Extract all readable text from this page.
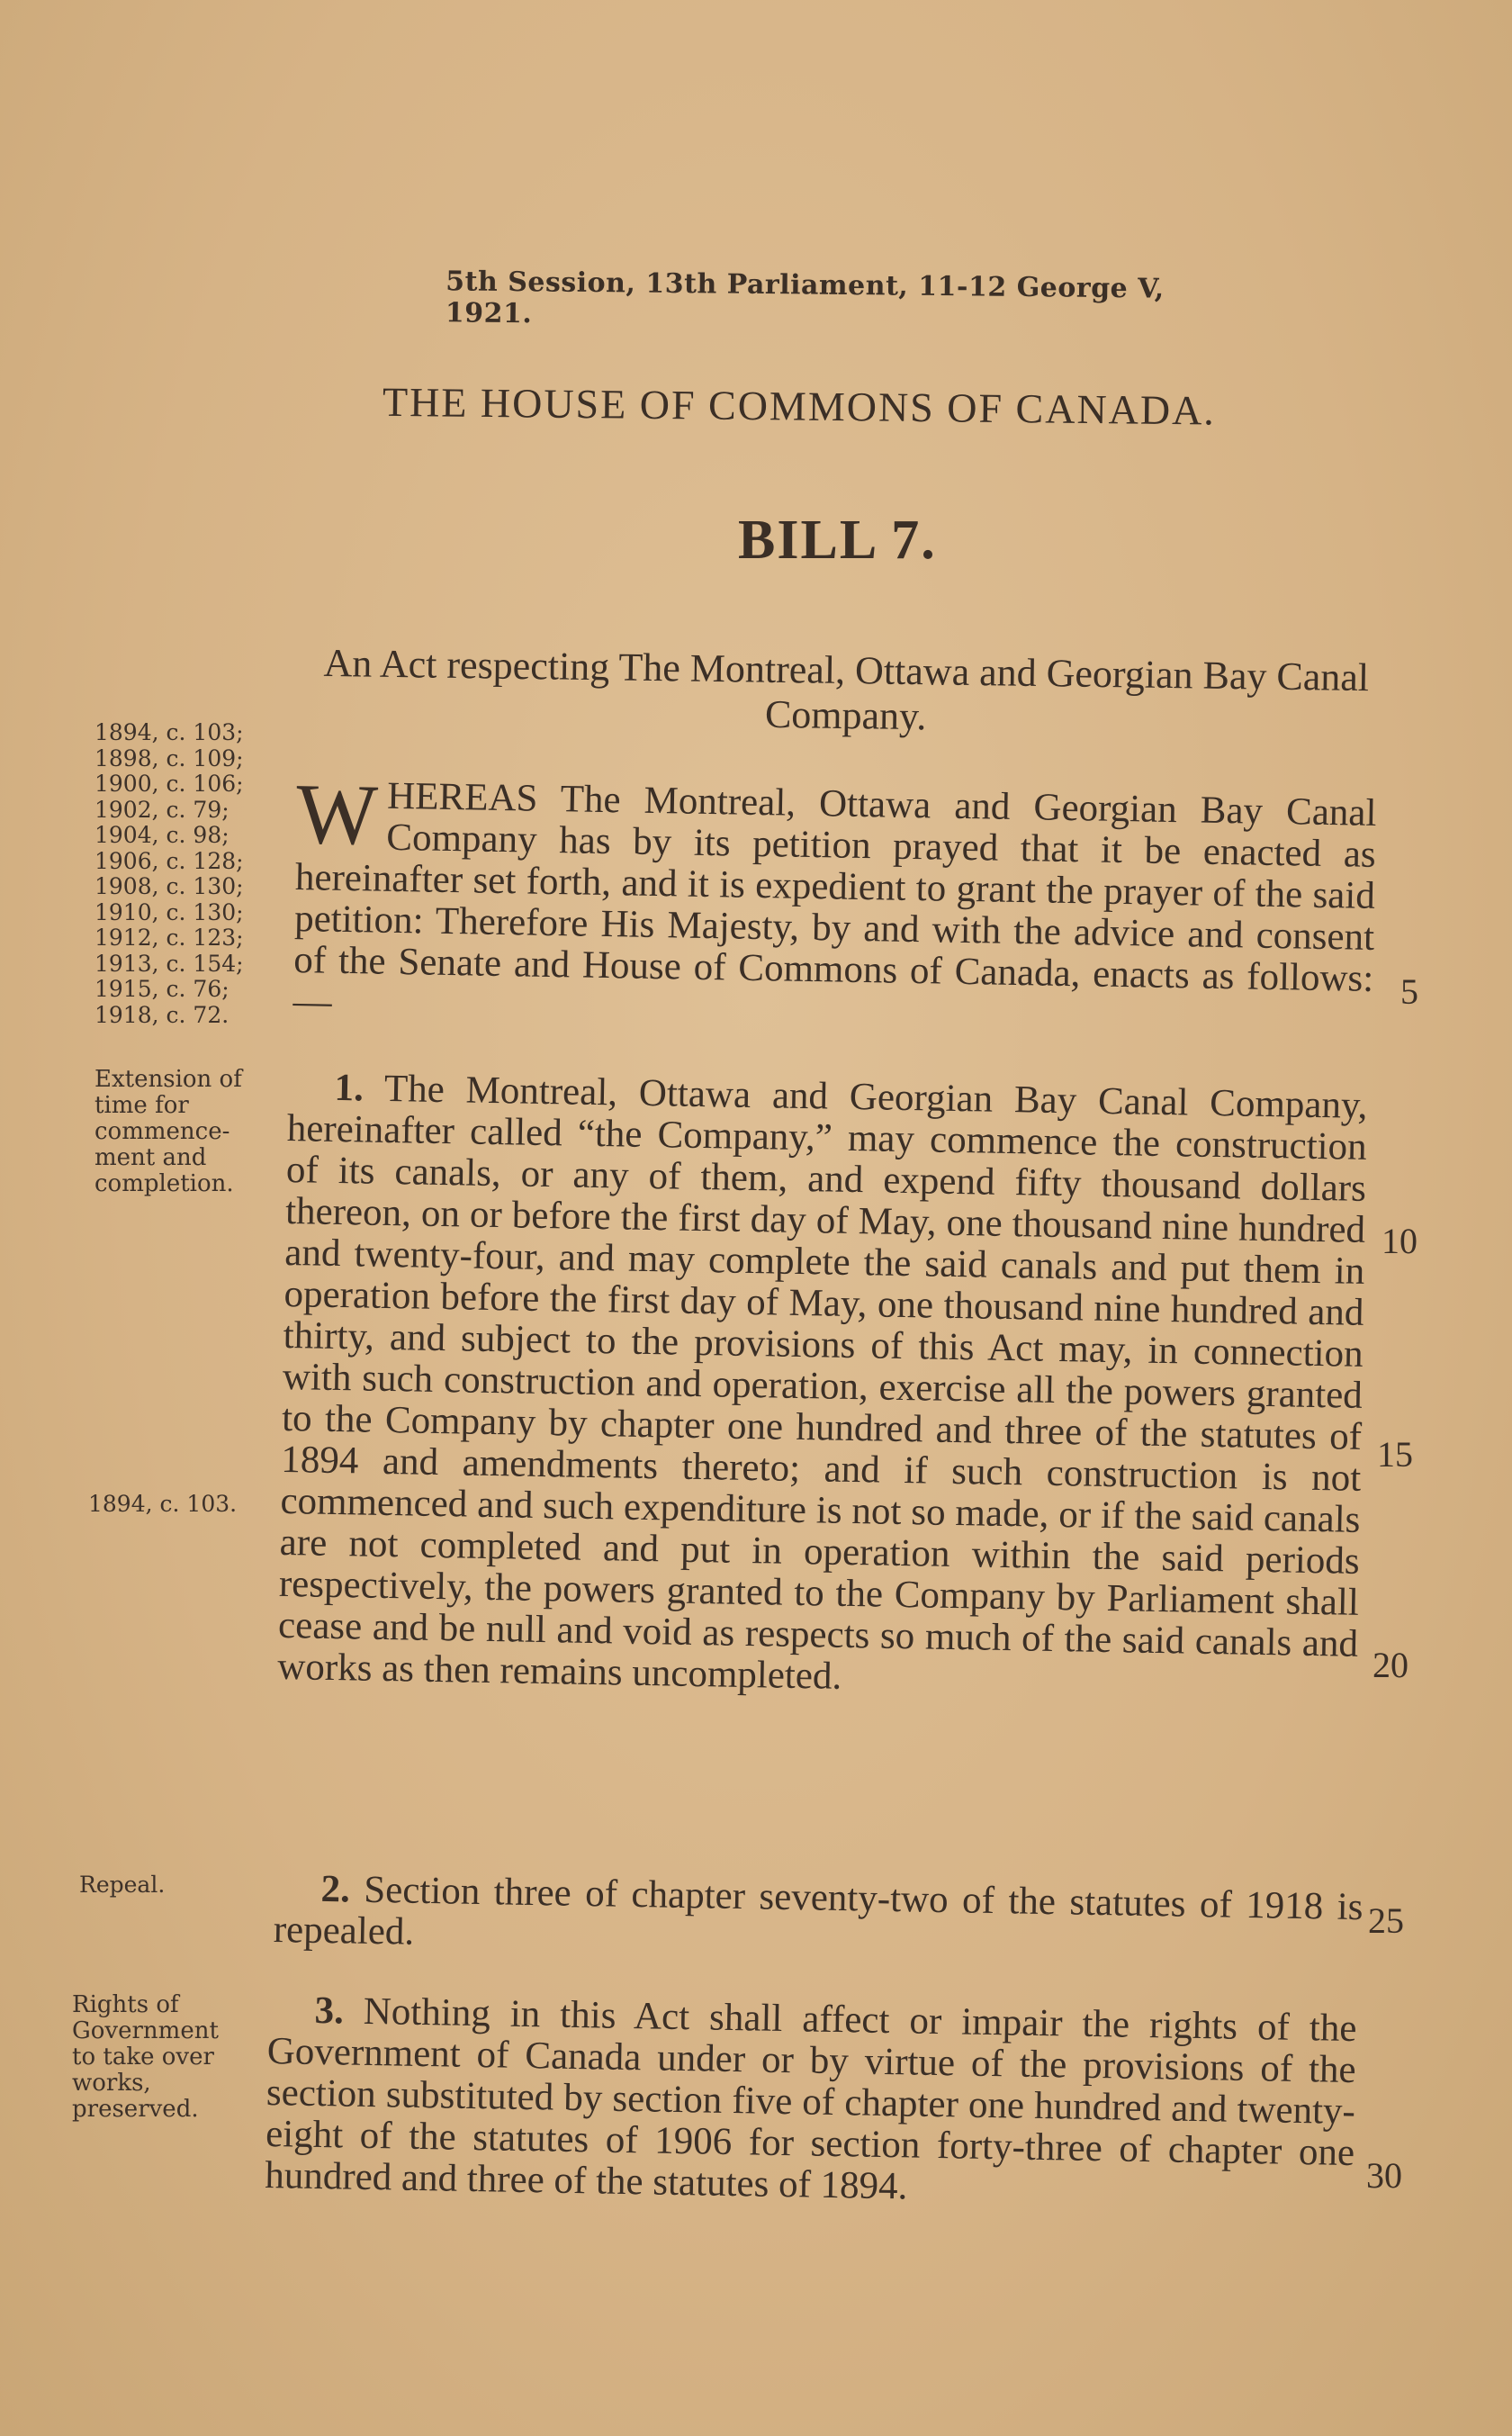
5th Session, 13th Parliament, 11-12 George V, 1921.
THE HOUSE OF COMMONS OF CANADA.
BILL 7.
An Act respecting The Montreal, Ottawa and Georgian Bay Canal Company.
1894, c. 103;
1898, c. 109;
1900, c. 106;
1902, c. 79;
1904, c. 98;
1906, c. 128;
1908, c. 130;
1910, c. 130;
1912, c. 123;
1913, c. 154;
1915, c. 76;
1918, c. 72.
Extension of
time for
commence-
ment and
completion.
1894, c. 103.
Repeal.
Rights of
Government
to take over
works,
preserved.
WHEREAS The Montreal, Ottawa and Georgian Bay Canal Company has by its petition prayed that it be enacted as hereinafter set forth, and it is expedient to grant the prayer of the said petition: Therefore His Majesty, by and with the advice and consent of the Senate and House of Commons of Canada, enacts as follows:—
1. The Montreal, Ottawa and Georgian Bay Canal Company, hereinafter called “the Company,” may commence the construction of its canals, or any of them, and expend fifty thousand dollars thereon, on or before the first day of May, one thousand nine hundred and twenty-four, and may complete the said canals and put them in operation before the first day of May, one thousand nine hundred and thirty, and subject to the provisions of this Act may, in connection with such construction and operation, exercise all the powers granted to the Company by chapter one hundred and three of the statutes of 1894 and amendments thereto; and if such construction is not commenced and such expenditure is not so made, or if the said canals are not completed and put in operation within the said periods respectively, the powers granted to the Company by Parliament shall cease and be null and void as respects so much of the said canals and works as then remains uncompleted.
2. Section three of chapter seventy-two of the statutes of 1918 is repealed.
3. Nothing in this Act shall affect or impair the rights of the Government of Canada under or by virtue of the provisions of the section substituted by section five of chapter one hundred and twenty-eight of the statutes of 1906 for section forty-three of chapter one hundred and three of the statutes of 1894.
5
10
15
20
25
30
